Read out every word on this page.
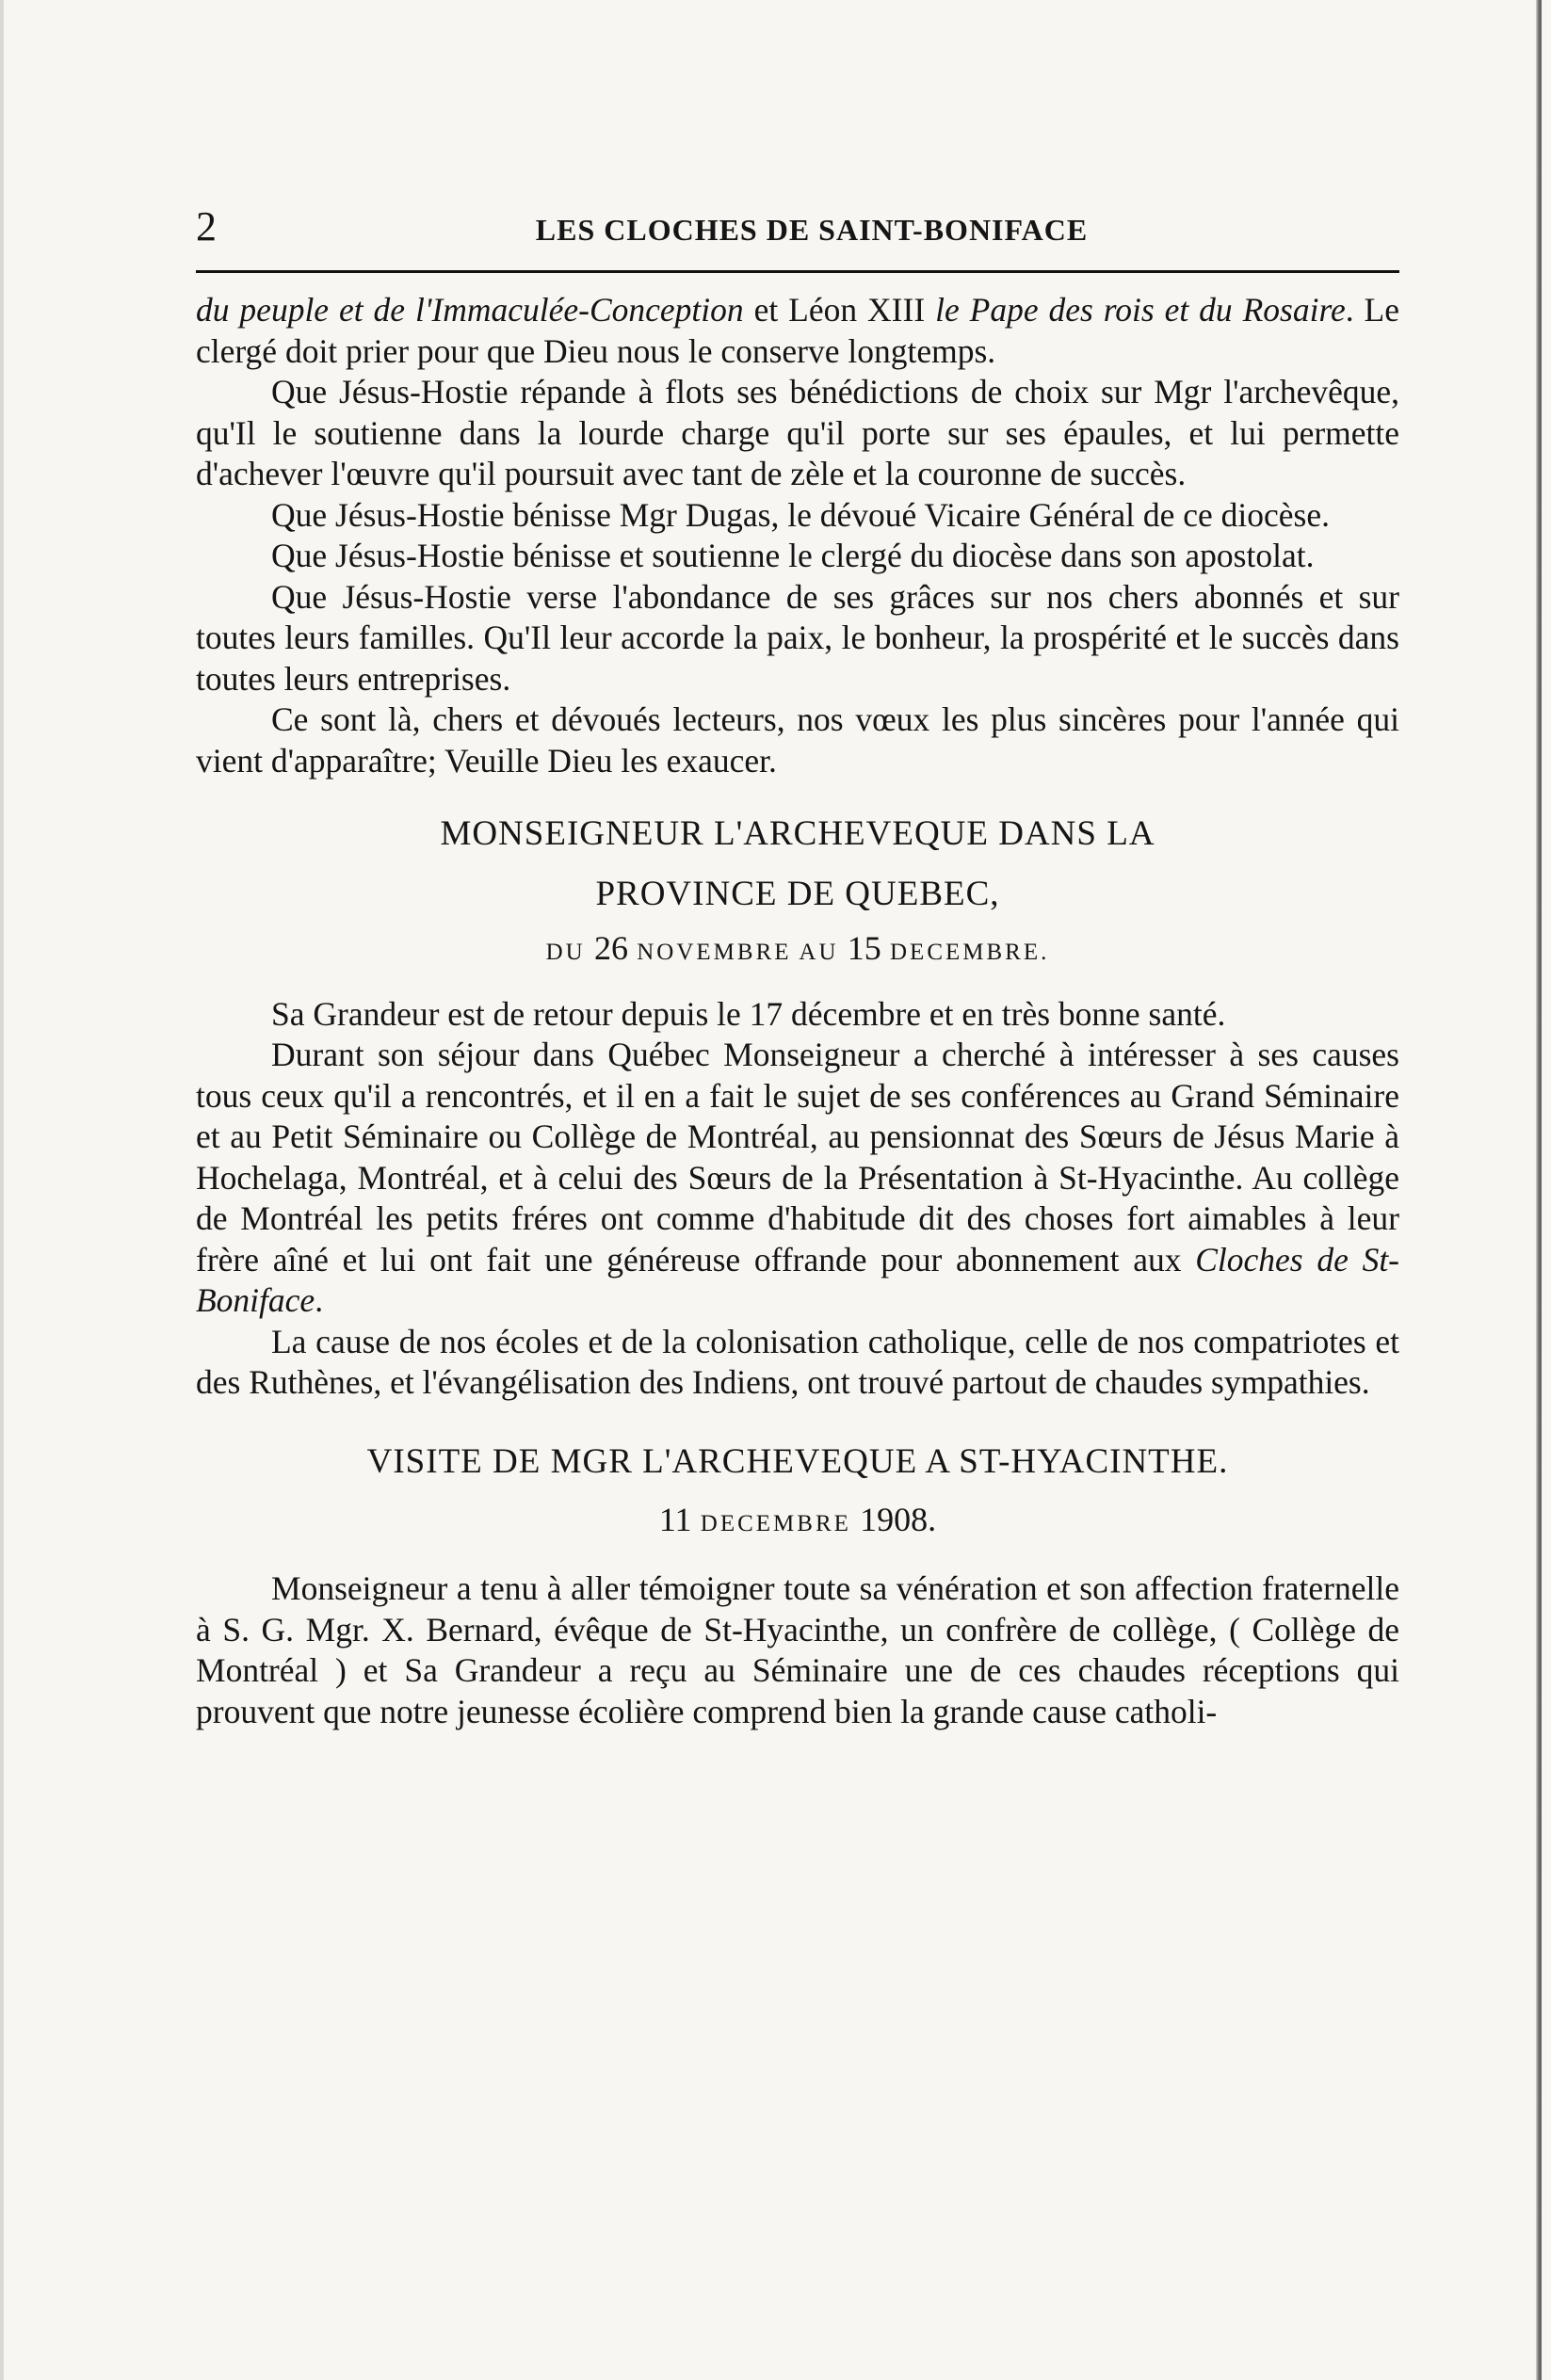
2	LES CLOCHES DE SAINT-BONIFACE

du peuple et de l'Immaculée-Conception et Léon XIII le Pape des rois et du Rosaire. Le clergé doit prier pour que Dieu nous le conserve longtemps.

Que Jésus-Hostie répande à flots ses bénédictions de choix sur Mgr l'archevêque, qu'Il le soutienne dans la lourde charge qu'il porte sur ses épaules, et lui permette d'achever l'œuvre qu'il poursuit avec tant de zèle et la couronne de succès.

Que Jésus-Hostie bénisse Mgr Dugas, le dévoué Vicaire Général de ce diocèse.

Que Jésus-Hostie bénisse et soutienne le clergé du diocèse dans son apostolat.

Que Jésus-Hostie verse l'abondance de ses grâces sur nos chers abonnés et sur toutes leurs familles. Qu'Il leur accorde la paix, le bonheur, la prospérité et le succès dans toutes leurs entreprises.

Ce sont là, chers et dévoués lecteurs, nos vœux les plus sincères pour l'année qui vient d'apparaître; Veuille Dieu les exaucer.

MONSEIGNEUR L'ARCHEVEQUE DANS LA

PROVINCE DE QUEBEC,

DU 26 NOVEMBRE AU 15 DECEMBRE.

Sa Grandeur est de retour depuis le 17 décembre et en très bonne santé.

Durant son séjour dans Québec Monseigneur a cherché à intéresser à ses causes tous ceux qu'il a rencontrés, et il en a fait le sujet de ses conférences au Grand Séminaire et au Petit Séminaire ou Collège de Montréal, au pensionnat des Sœurs de Jésus Marie à Hochelaga, Montréal, et à celui des Sœurs de la Présentation à St-Hyacinthe. Au collège de Montréal les petits fréres ont comme d'habitude dit des choses fort aimables à leur frère aîné et lui ont fait une généreuse offrande pour abonnement aux Cloches de St-Boniface.

La cause de nos écoles et de la colonisation catholique, celle de nos compatriotes et des Ruthènes, et l'évangélisation des Indiens, ont trouvé partout de chaudes sympathies.

VISITE DE MGR L'ARCHEVEQUE A ST-HYACINTHE.

11 DECEMBRE 1908.

Monseigneur a tenu à aller témoigner toute sa vénération et son affection fraternelle à S. G. Mgr. X. Bernard, évêque de St-Hyacinthe, un confrère de collège, ( Collège de Montréal ) et Sa Grandeur a reçu au Séminaire une de ces chaudes réceptions qui prouvent que notre jeunesse écolière comprend bien la grande cause catholi-
